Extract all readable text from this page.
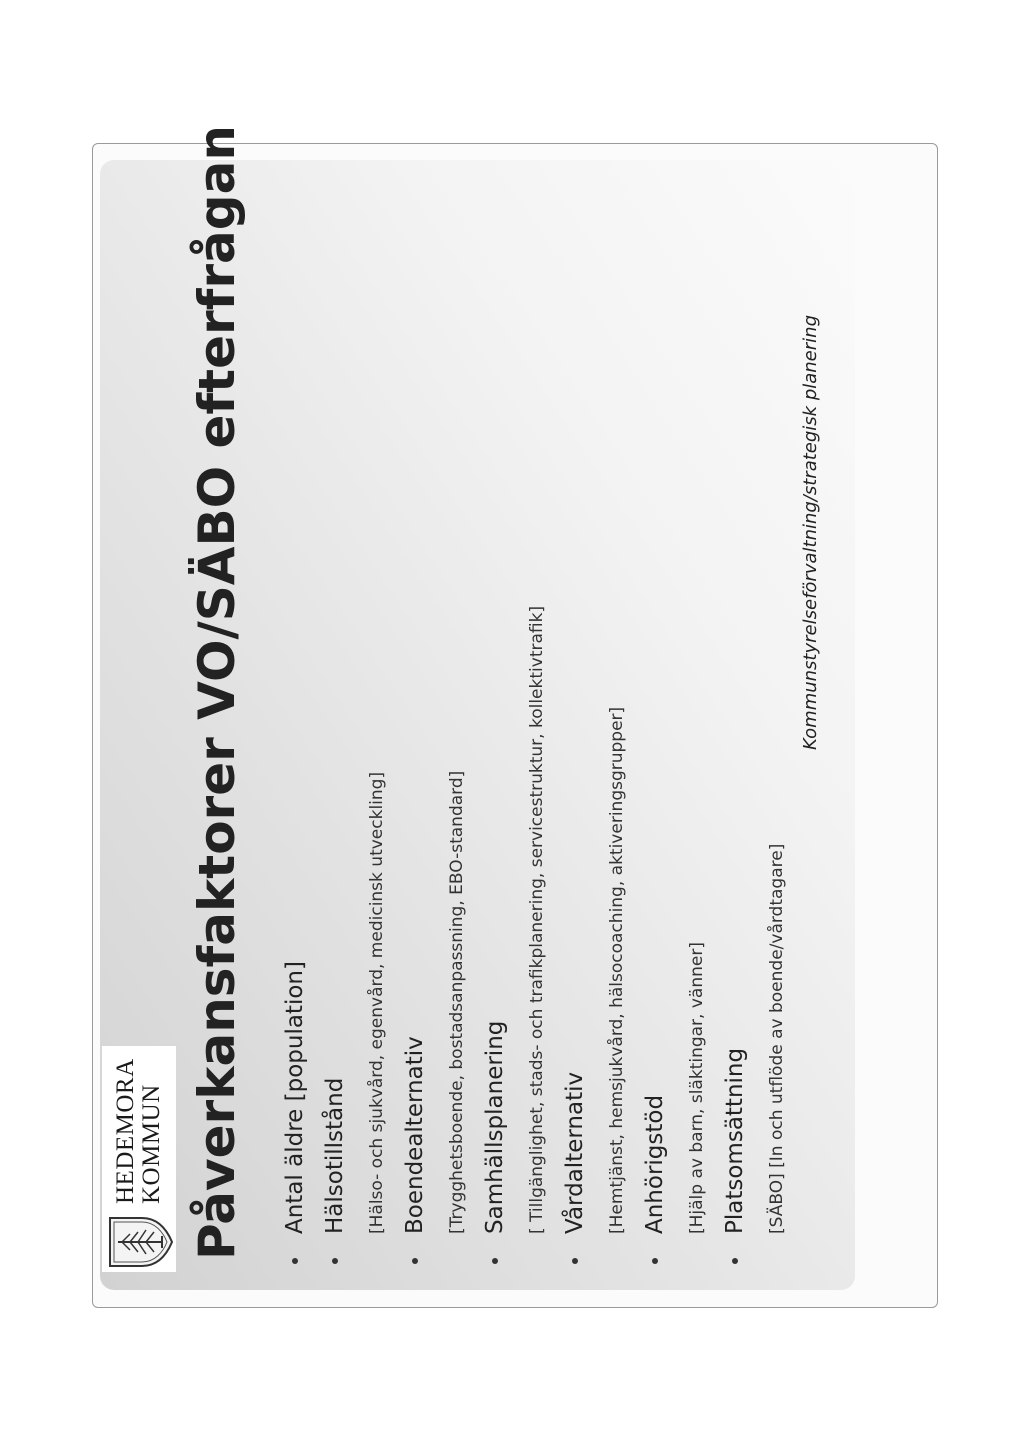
HEDEMORA KOMMUN Påverkansfaktorer VO/SÄBO efterfrågan	Antal äldre [population] Hälsotillstånd	[Hälso- och sjukvård, egenvård, medicinsk utveckling] Boendealternativ	[Trygghetsboende, bostadsanpassning, EBO-standard] Samhällsplanering	[ Tillgänglighet, stads- och trafikplanering, servicestruktur, kollektivtrafik] Vårdalternativ	[Hemtjänst, hemsjukvård, hälsocoaching, aktiveringsgrupper] Anhörigstöd	[Hjälp av barn, släktingar, vänner] Platsomsättning	[SÄBO] [In och utflöde av boende/vårdtagare]
Kommunstyrelseförvaltning/strategisk planering
